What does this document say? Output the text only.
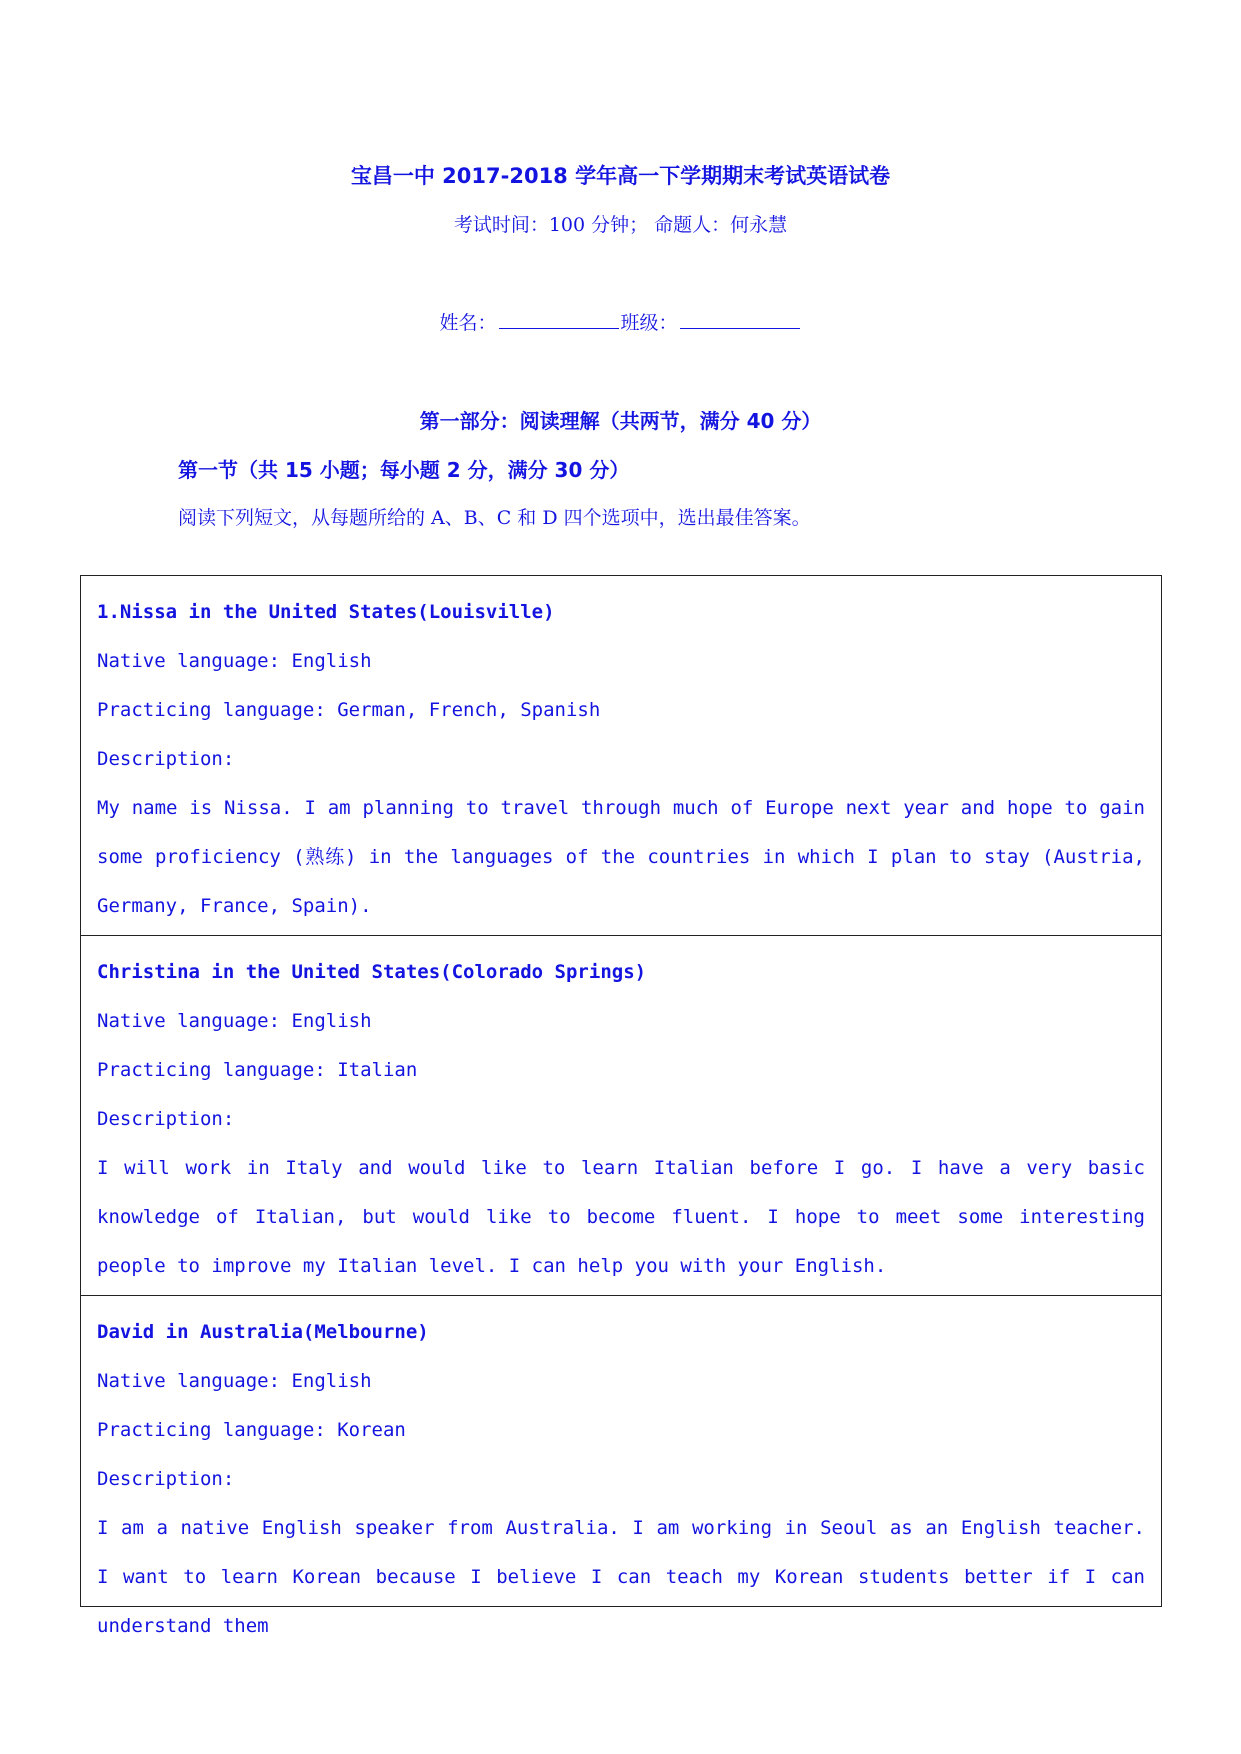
宝昌一中 2017-2018 学年高一下学期期末考试英语试卷
考试时间：100 分钟； 命题人：何永慧
姓名：	班级：
第一部分：阅读理解（共两节，满分 40 分）
第一节（共 15 小题；每小题 2 分，满分 30 分）
阅读下列短文，从每题所给的 A、B、C 和 D 四个选项中，选出最佳答案。
1.Nissa in the United States(Louisville)
Native language: English
Practicing language: German, French, Spanish
Description:
My name is Nissa. I am planning to travel through much of Europe next year and hope to gain some proficiency (熟练) in the languages of the countries in which I plan to stay (Austria, Germany, France, Spain).
Christina in the United States(Colorado Springs)
Native language: English
Practicing language: Italian
Description:
I will work in Italy and would like to learn Italian before I go. I have a very basic knowledge of Italian, but would like to become fluent. I hope to meet some interesting people to improve my Italian level. I can help you with your English.
David in Australia(Melbourne)
Native language: English
Practicing language: Korean
Description:
I am a native English speaker from Australia. I am working in Seoul as an English teacher. I want to learn Korean because I believe I can teach my Korean students better if I can understand them
